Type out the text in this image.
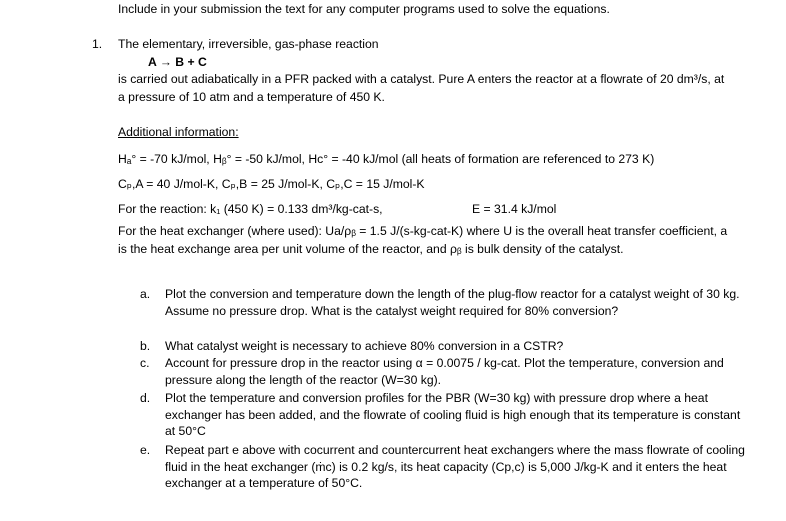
Include in your submission the text for any computer programs used to solve the equations.
1. The elementary, irreversible, gas-phase reaction
A → B + C
is carried out adiabatically in a PFR packed with a catalyst. Pure A enters the reactor at a flowrate of 20 dm³/s, at a pressure of 10 atm and a temperature of 450 K.
Additional information:
Hₐ° = -70 kJ/mol, Hᵦ° = -50 kJ/mol, Hc° = -40 kJ/mol (all heats of formation are referenced to 273 K)
Cₚ,A = 40 J/mol-K, Cₚ,B = 25 J/mol-K, Cₚ,C = 15 J/mol-K
For the reaction: k₁ (450 K) = 0.133 dm³/kg-cat-s,	E = 31.4 kJ/mol
For the heat exchanger (where used): Ua/ρᵦ = 1.5 J/(s-kg-cat-K) where U is the overall heat transfer coefficient, a is the heat exchange area per unit volume of the reactor, and ρᵦ is bulk density of the catalyst.
a. Plot the conversion and temperature down the length of the plug-flow reactor for a catalyst weight of 30 kg. Assume no pressure drop. What is the catalyst weight required for 80% conversion?
b. What catalyst weight is necessary to achieve 80% conversion in a CSTR?
c. Account for pressure drop in the reactor using α = 0.0075 / kg-cat. Plot the temperature, conversion and pressure along the length of the reactor (W=30 kg).
d. Plot the temperature and conversion profiles for the PBR (W=30 kg) with pressure drop where a heat exchanger has been added, and the flowrate of cooling fluid is high enough that its temperature is constant at 50°C
e. Repeat part e above with cocurrent and countercurrent heat exchangers where the mass flowrate of cooling fluid in the heat exchanger (ṁc) is 0.2 kg/s, its heat capacity (Cp,c) is 5,000 J/kg-K and it enters the heat exchanger at a temperature of 50°C.
